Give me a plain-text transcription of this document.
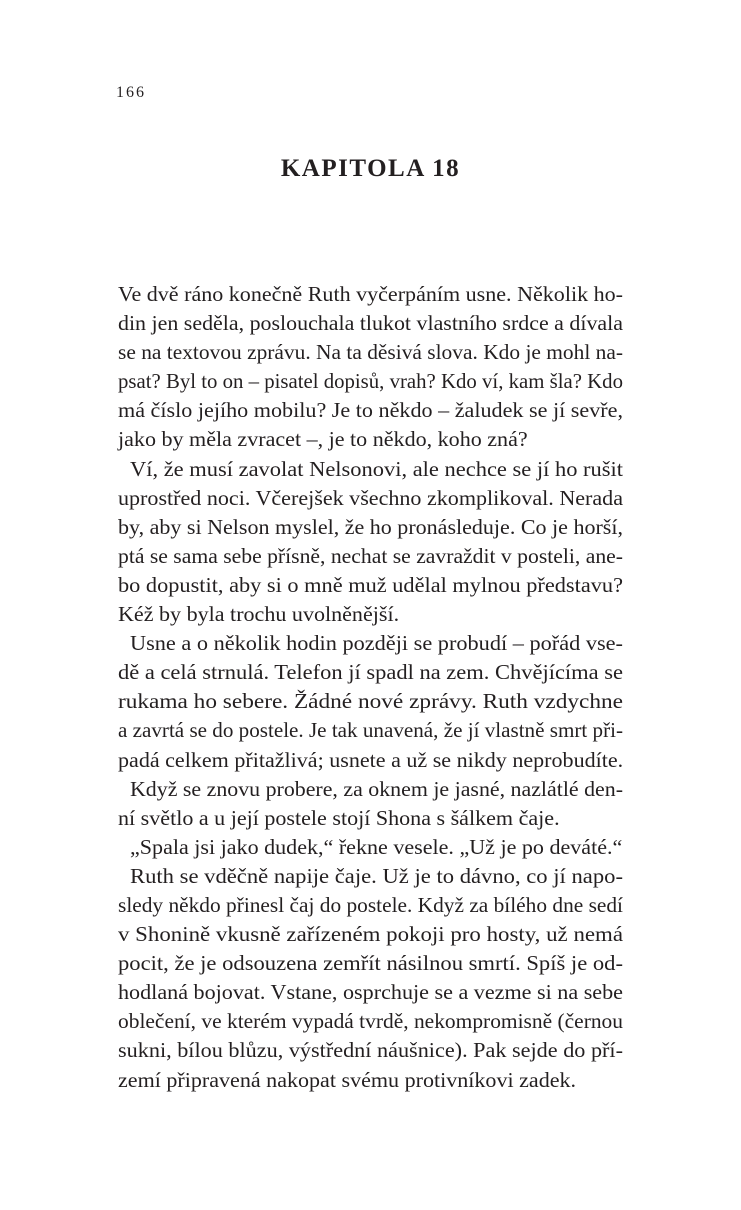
166
KAPITOLA 18
Ve dvě ráno konečně Ruth vyčerpáním usne. Několik ho-
din jen seděla, poslouchala tlukot vlastního srdce a dívala
se na textovou zprávu. Na ta děsivá slova. Kdo je mohl na-
psat? Byl to on – pisatel dopisů, vrah? Kdo ví, kam šla? Kdo
má číslo jejího mobilu? Je to někdo – žaludek se jí sevře,
jako by měla zvracet –, je to někdo, koho zná?
Ví, že musí zavolat Nelsonovi, ale nechce se jí ho rušit
uprostřed noci. Včerejšek všechno zkomplikoval. Nerada
by, aby si Nelson myslel, že ho pronásleduje. Co je horší,
ptá se sama sebe přísně, nechat se zavraždit v posteli, ane-
bo dopustit, aby si o mně muž udělal mylnou představu?
Kéž by byla trochu uvolněnější.
Usne a o několik hodin později se probudí – pořád vse-
dě a celá strnulá. Telefon jí spadl na zem. Chvějícíma se
rukama ho sebere. Žádné nové zprávy. Ruth vzdychne
a zavrtá se do postele. Je tak unavená, že jí vlastně smrt při-
padá celkem přitažlivá; usnete a už se nikdy neprobudíte.
Když se znovu probere, za oknem je jasné, nazlátlé den-
ní světlo a u její postele stojí Shona s šálkem čaje.
„Spala jsi jako dudek,“ řekne vesele. „Už je po deváté.“
Ruth se vděčně napije čaje. Už je to dávno, co jí napo-
sledy někdo přinesl čaj do postele. Když za bílého dne sedí
v Shonině vkusně zařízeném pokoji pro hosty, už nemá
pocit, že je odsouzena zemřít násilnou smrtí. Spíš je od-
hodlaná bojovat. Vstane, osprchuje se a vezme si na sebe
oblečení, ve kterém vypadá tvrdě, nekompromisně (černou
sukni, bílou blůzu, výstřední náušnice). Pak sejde do pří-
zemí připravená nakopat svému protivníkovi zadek.
